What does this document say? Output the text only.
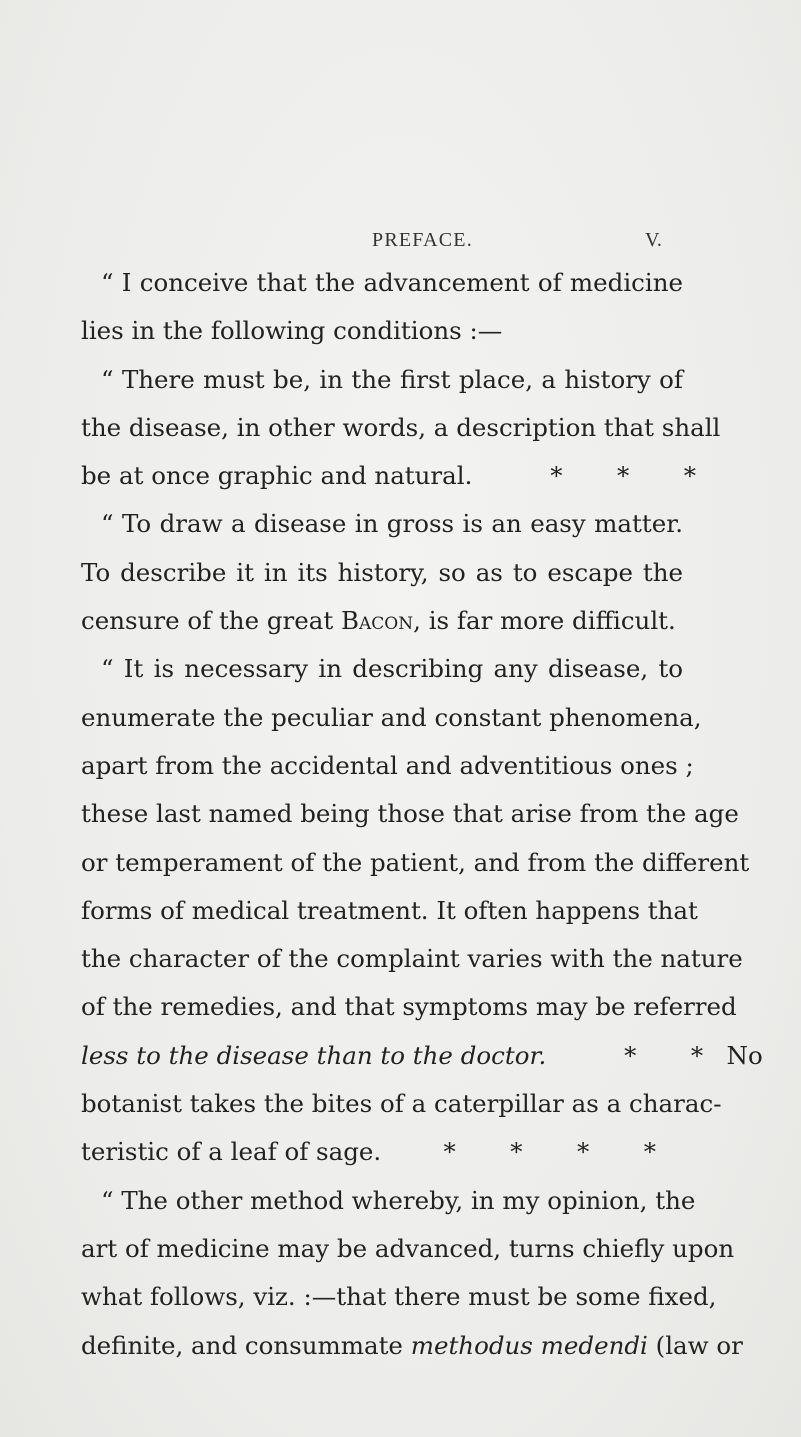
PREFACE.	V.
“ I conceive that the advancement of medicine
lies in the following conditions :—
“ There must be, in the first place, a history of
the disease, in other words, a description that shall
be at once graphic and natural.          *       *       *
“ To draw a disease in gross is an easy matter.
To describe it in its history, so as to escape the
censure of the great Bacon, is far more difficult.
“ It is necessary in describing any disease, to
enumerate the peculiar and constant phenomena,
apart from the accidental and adventitious ones ;
these last named being those that arise from the age
or temperament of the patient, and from the different
forms of medical treatment. It often happens that
the character of the complaint varies with the nature
of the remedies, and that symptoms may be referred
less to the disease than to the doctor.          *       *   No
botanist takes the bites of a caterpillar as a charac-
teristic of a leaf of sage.        *       *       *       *
“ The other method whereby, in my opinion, the
art of medicine may be advanced, turns chiefly upon
what follows, viz. :—that there must be some fixed,
definite, and consummate methodus medendi (law or
